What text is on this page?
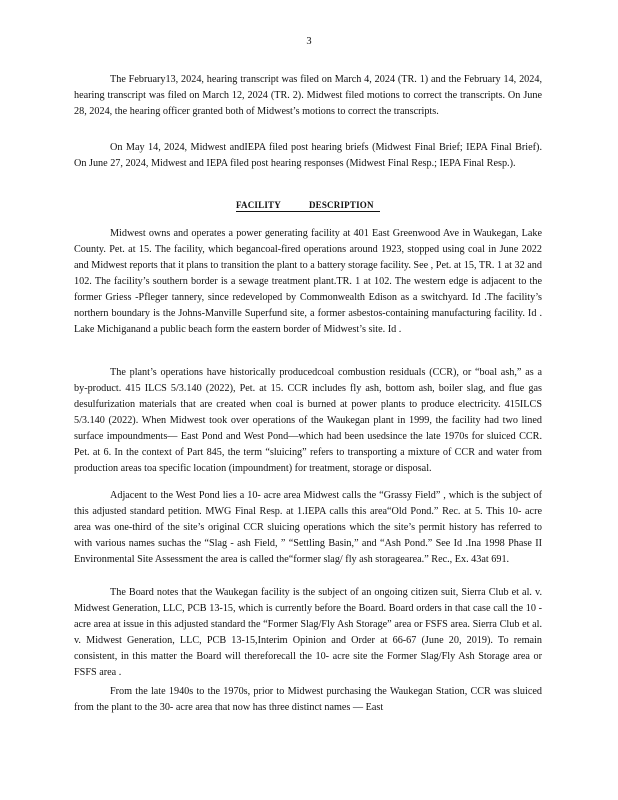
3

The February13, 2024, hearing transcript was filed on March 4, 2024 (TR. 1) and the February 14, 2024, hearing transcript was filed on March 12, 2024 (TR. 2). Midwest filed motions to correct the transcripts. On June 28, 2024, the hearing officer granted both of Midwest’s motions to correct the transcripts.

On May 14, 2024, Midwest andIEPA filed post hearing briefs (Midwest Final Brief; IEPA Final Brief). On June 27, 2024, Midwest and IEPA filed post hearing responses (Midwest Final Resp.; IEPA Final Resp.).

FACILITY	DESCRIPTION

Midwest owns and operates a power generating facility at 401 East Greenwood Ave in Waukegan, Lake County. Pet. at 15. The facility, which begancoal-fired operations around 1923, stopped using coal in June 2022 and Midwest reports that it plans to transition the plant to a battery storage facility. See , Pet. at 15, TR. 1 at 32 and 102. The facility’s southern border is a sewage treatment plant.TR. 1 at 102. The western edge is adjacent to the former Griess -Pfleger tannery, since redeveloped by Commonwealth Edison as a switchyard. Id .The facility’s northern boundary is the Johns-Manville Superfund site, a former asbestos-containing manufacturing facility. Id . Lake Michiganand a public beach form the eastern border of Midwest’s site. Id .

The plant’s operations have historically producedcoal combustion residuals (CCR), or “boal ash,” as a by-product. 415 ILCS 5/3.140 (2022), Pet. at 15. CCR includes fly ash, bottom ash, boiler slag, and flue gas desulfurization materials that are created when coal is burned at power plants to produce electricity. 415ILCS 5/3.140 (2022). When Midwest took over operations of the Waukegan plant in 1999, the facility had two lined surface impoundments— East Pond and West Pond—which had been usedsince the late 1970s for sluiced CCR. Pet. at 6. In the context of Part 845, the term “sluicing” refers to transporting a mixture of CCR and water from production areas toa specific location (impoundment) for treatment, storage or disposal.

Adjacent to the West Pond lies a 10- acre area Midwest calls the “Grassy Field” , which is the subject of this adjusted standard petition. MWG Final Resp. at 1.IEPA calls this area“Old Pond.” Rec. at 5. This 10- acre area was one-third of the site’s original CCR sluicing operations which the site’s permit history has referred to with various names suchas the “Slag - ash Field, ” “Settling Basin,” and “Ash Pond.” See Id .Ina 1998 Phase II Environmental Site Assessment the area is called the“former slag/ fly ash storagearea.” Rec., Ex. 43at 691.

The Board notes that the Waukegan facility is the subject of an ongoing citizen suit, Sierra Club et al. v. Midwest Generation, LLC, PCB 13-15, which is currently before the Board. Board orders in that case call the 10 -acre area at issue in this adjusted standard the “Former Slag/Fly Ash Storage” area or FSFS area. Sierra Club et al. v. Midwest Generation, LLC, PCB 13-15,Interim Opinion and Order at 66-67 (June 20, 2019). To remain consistent, in this matter the Board will thereforecall the 10- acre site the Former Slag/Fly Ash Storage area or FSFS area .

From the late 1940s to the 1970s, prior to Midwest purchasing the Waukegan Station, CCR was sluiced from the plant to the 30- acre area that now has three distinct names — East
